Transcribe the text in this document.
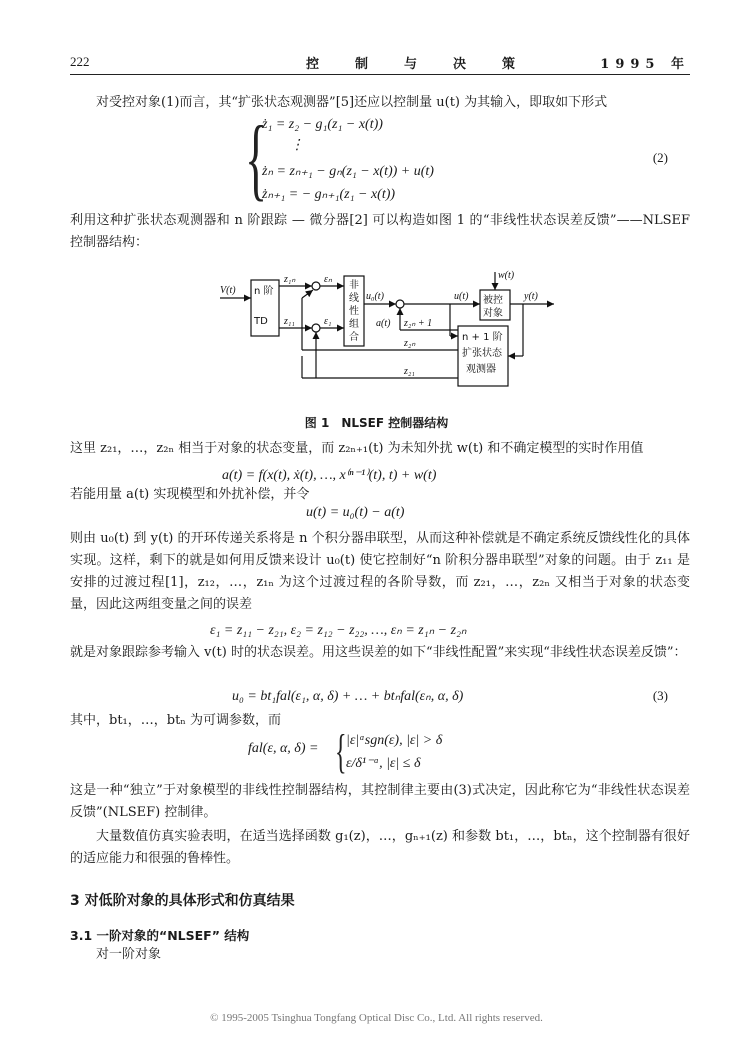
222	控制与决策	1995 年

对受控对象(1)而言，其“扩张状态观测器”[5]还应以控制量 u(t) 为其输入，即取如下形式

{
ż₁ = z₂ − g₁(z₁ − x(t))
⋮
żₙ = zₙ₊₁ − gₙ(z₁ − x(t)) + u(t)
żₙ₊₁ = − gₙ₊₁(z₁ − x(t))
(2)

利用这种扩张状态观测器和 n 阶跟踪 — 微分器[2] 可以构造如图 1 的“非线性状态误差反馈”——NLSEF 控制器结构：

V(t)
z₁ₙ
z₁₁
εₙ
ε₁
u₀(t)
a(t) z₂ₙ + 1
u(t)
w(t)
y(t)
z₂ₙ
z₂₁
n 阶
TD
非
线
性
组
合
被控
对象
n + 1 阶
扩张状态
观测器
图 1 NLSEF 控制器结构

这里 z₂₁，…，z₂ₙ 相当于对象的状态变量，而 z₂ₙ₊₁(t) 为未知外扰 w(t) 和不确定模型的实时作用值

a(t) = f(x(t), ẋ(t), …, x⁽ⁿ⁻¹⁾(t), t) + w(t)

若能用量 a(t) 实现模型和外扰补偿，并令

u(t) = u₀(t) − a(t)

则由 u₀(t) 到 y(t) 的开环传递关系将是 n 个积分器串联型，从而这种补偿就是不确定系统反馈线性化的具体实现。这样，剩下的就是如何用反馈来设计 u₀(t) 使它控制好“n 阶积分器串联型”对象的问题。由于 z₁₁ 是安排的过渡过程[1]，z₁₂，…，z₁ₙ 为这个过渡过程的各阶导数，而 z₂₁，…，z₂ₙ 又相当于对象的状态变量，因此这两组变量之间的误差

ε₁ = z₁₁ − z₂₁, ε₂ = z₁₂ − z₂₂, …, εₙ = z₁ₙ − z₂ₙ

就是对象跟踪参考输入 v(t) 时的状态误差。用这些误差的如下“非线性配置”来实现“非线性状态误差反馈”：

u₀ = bt₁fal(ε₁, α, δ) + … + btₙfal(εₙ, α, δ)	(3)

其中，bt₁，…，btₙ 为可调参数，而

fal(ε, α, δ) = { |ε|ᵅsgn(ε), |ε| > δ
ε/δ¹⁻ᵅ, |ε| ≤ δ

这是一种“独立”于对象模型的非线性控制器结构，其控制律主要由(3)式决定，因此称它为“非线性状态误差反馈”(NLSEF) 控制律。

大量数值仿真实验表明，在适当选择函数 g₁(z)，…，gₙ₊₁(z) 和参数 bt₁，…，btₙ，这个控制器有很好的适应能力和很强的鲁棒性。

3 对低阶对象的具体形式和仿真结果
3.1 一阶对象的“NLSEF” 结构

对一阶对象

© 1995-2005 Tsinghua Tongfang Optical Disc Co., Ltd. All rights reserved.
